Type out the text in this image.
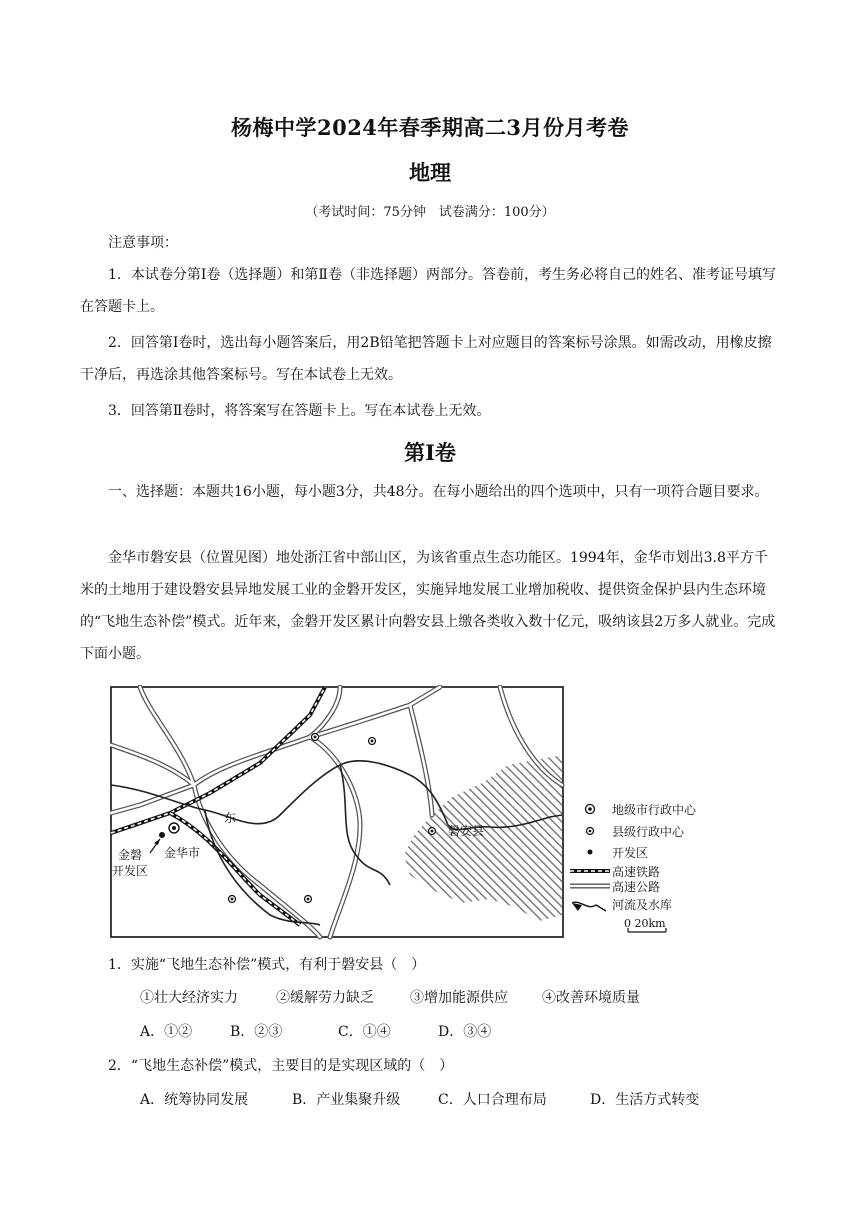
杨梅中学2024年春季期高二3月份月考卷
地理
（考试时间：75分钟　试卷满分：100分）
注意事项：
1．本试卷分第Ⅰ卷（选择题）和第Ⅱ卷（非选择题）两部分。答卷前，考生务必将自己的姓名、准考证号填写在答题卡上。
2．回答第Ⅰ卷时，选出每小题答案后，用2B铅笔把答题卡上对应题目的答案标号涂黑。如需改动，用橡皮擦干净后，再选涂其他答案标号。写在本试卷上无效。
3．回答第Ⅱ卷时，将答案写在答题卡上。写在本试卷上无效。
第Ⅰ卷
一、选择题：本题共16小题，每小题3分，共48分。在每小题给出的四个选项中，只有一项符合题目要求。
金华市磐安县（位置见图）地处浙江省中部山区，为该省重点生态功能区。1994年，金华市划出3.8平方千米的土地用于建设磐安县异地发展工业的金磐开发区，实施异地发展工业增加税收、提供资金保护县内生态环境的“飞地生态补偿”模式。近年来，金磐开发区累计向磐安县上缴各类收入数十亿元，吸纳该县2万多人就业。完成下面小题。
东
磐安县
金华市
金磐
开发区
地级市行政中心
县级行政中心
开发区
高速铁路
高速公路
河流及水库
0 20km
1．实施“飞地生态补偿”模式，有利于磐安县（　）
①壮大经济实力	②缓解劳力缺乏	③增加能源供应 ④改善环境质量
A．①②	B．②③	C．①④	D．③④
2．“飞地生态补偿”模式，主要目的是实现区域的（　）
A．统筹协同发展	B．产业集聚升级	C．人口合理布局	D．生活方式转变
